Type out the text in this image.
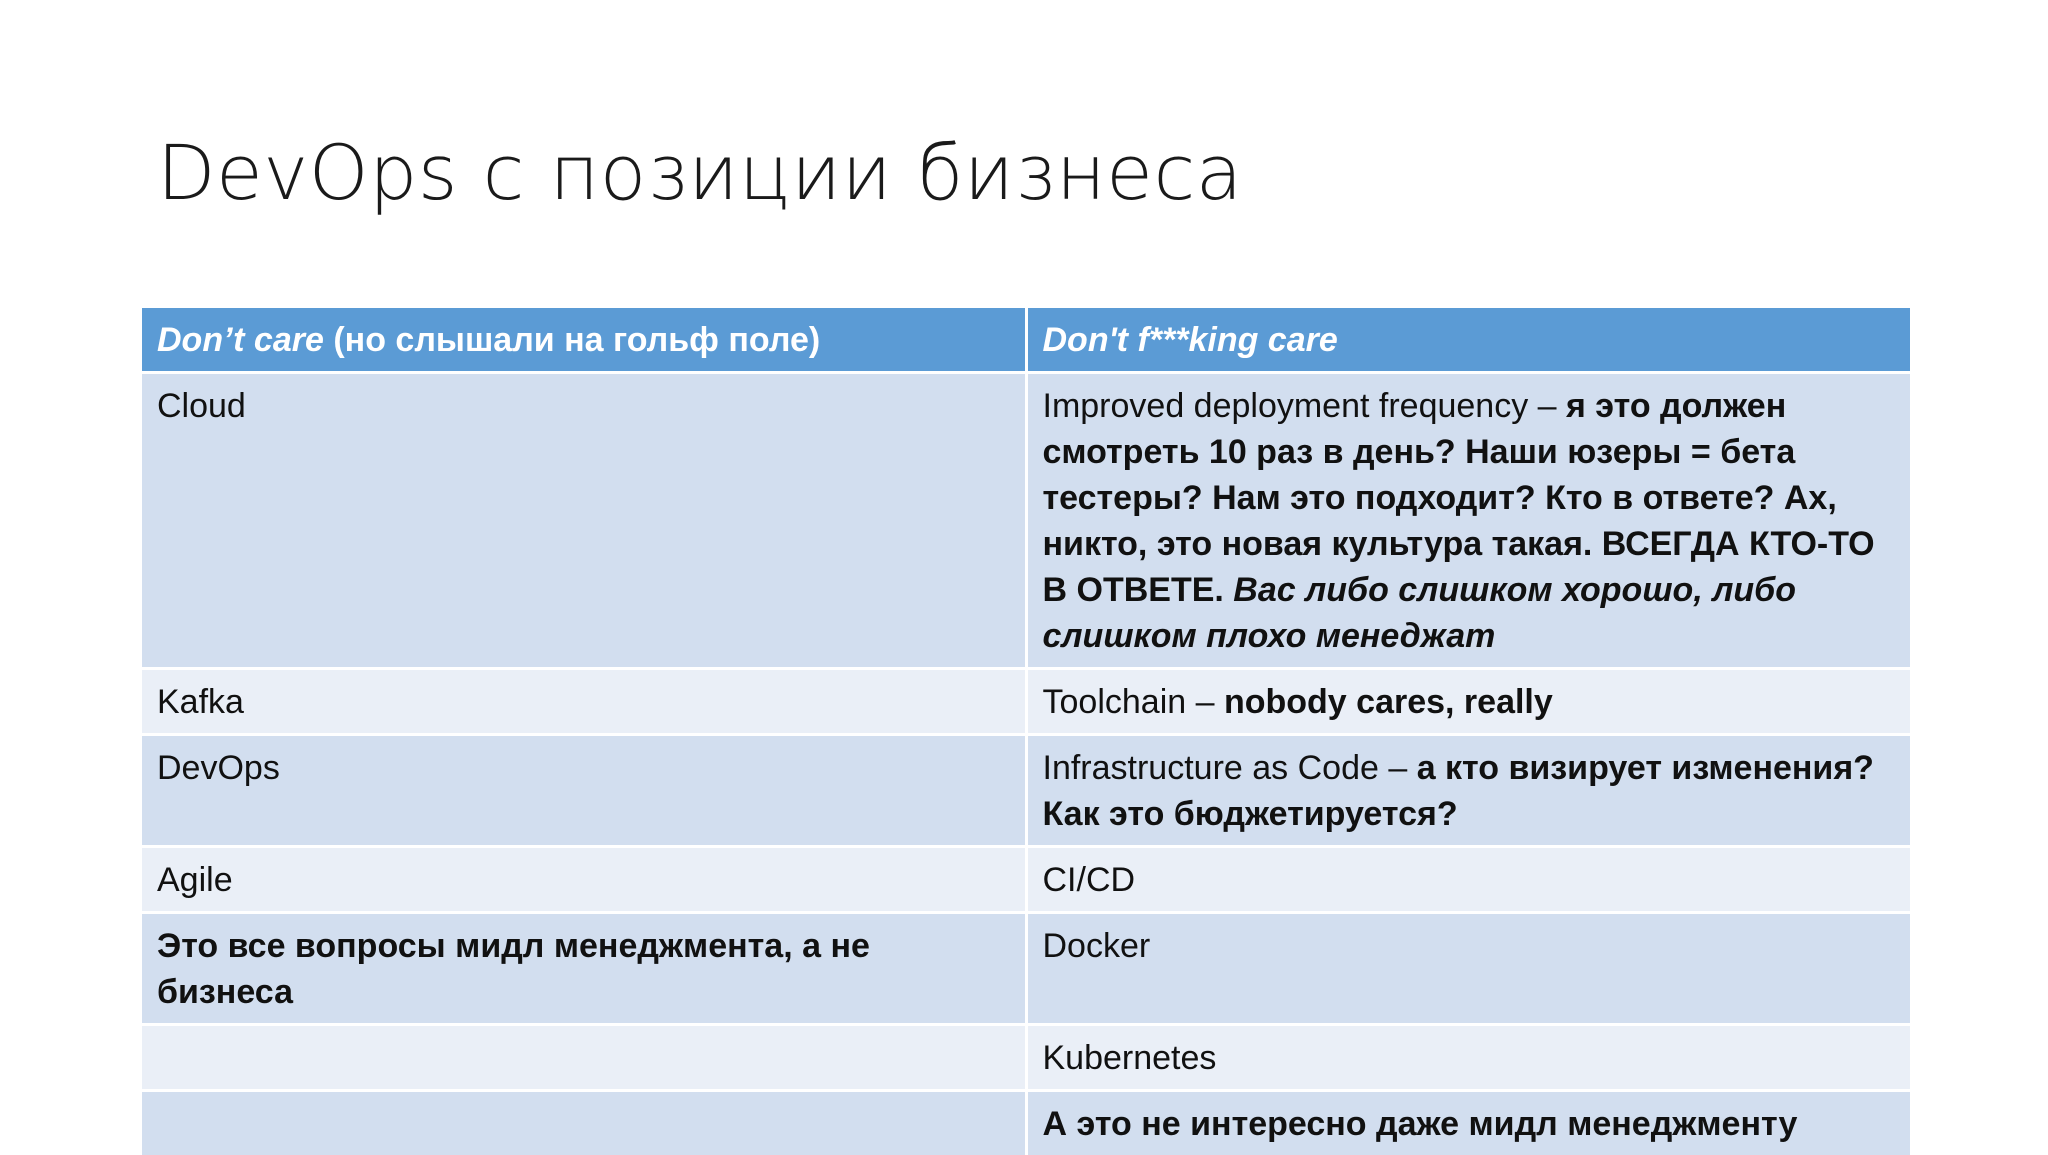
DevOps с позиции бизнеса
Don’t care (но слышали на гольф поле)	Don't f***king care
Cloud	Improved deployment frequency – я это должен смотреть 10 раз в день? Наши юзеры = бета тестеры? Нам это подходит? Кто в ответе? Ах, никто, это новая культура такая. ВСЕГДА КТО-ТО В ОТВЕТЕ. Вас либо слишком хорошо, либо слишком плохо менеджат
Kafka	Toolchain – nobody cares, really
DevOps	Infrastructure as Code – а кто визирует изменения? Как это бюджетируется?
Agile	CI/CD
Это все вопросы мидл менеджмента, а не бизнеса	Docker
	Kubernetes
	А это не интересно даже мидл менеджменту
